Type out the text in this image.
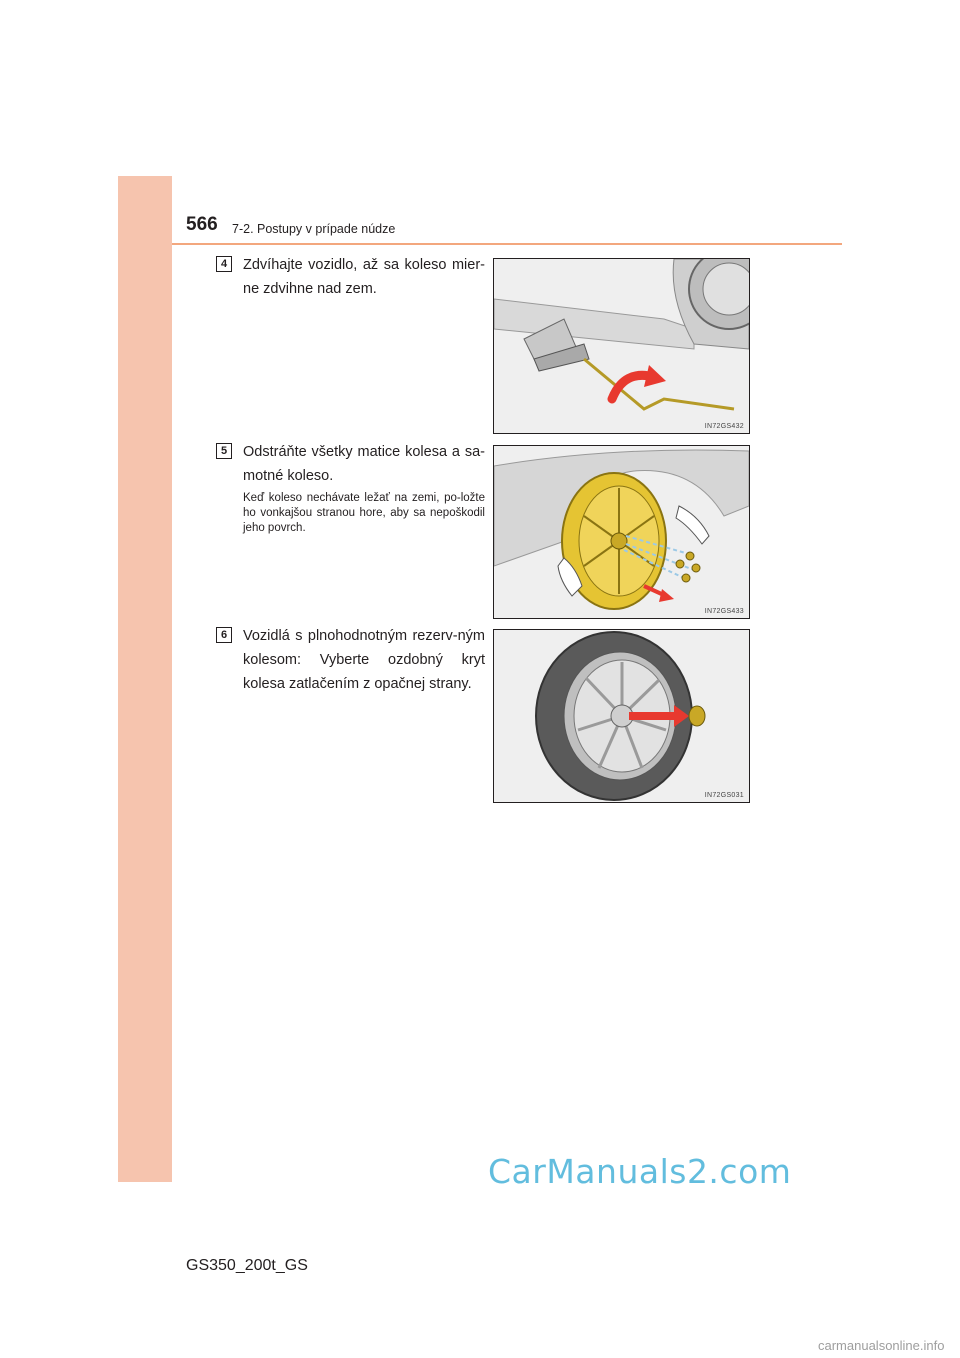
566 7-2. Postupy v prípade núdze
4	Zdvíhajte vozidlo, až sa koleso mier-ne zdvihne nad zem.
IN72GS432
5	Odstráňte všetky matice kolesa a sa-motné koleso.
Keď koleso nechávate ležať na zemi, po-ložte ho vonkajšou stranou hore, aby sa nepoškodil jeho povrch.
IN72GS433
6	Vozidlá s plnohodnotným rezerv-ným kolesom: Vyberte ozdobný kryt kolesa zatlačením z opačnej strany.
IN72GS031
CarManuals2.com
GS350_200t_GS
carmanualsonline.info
